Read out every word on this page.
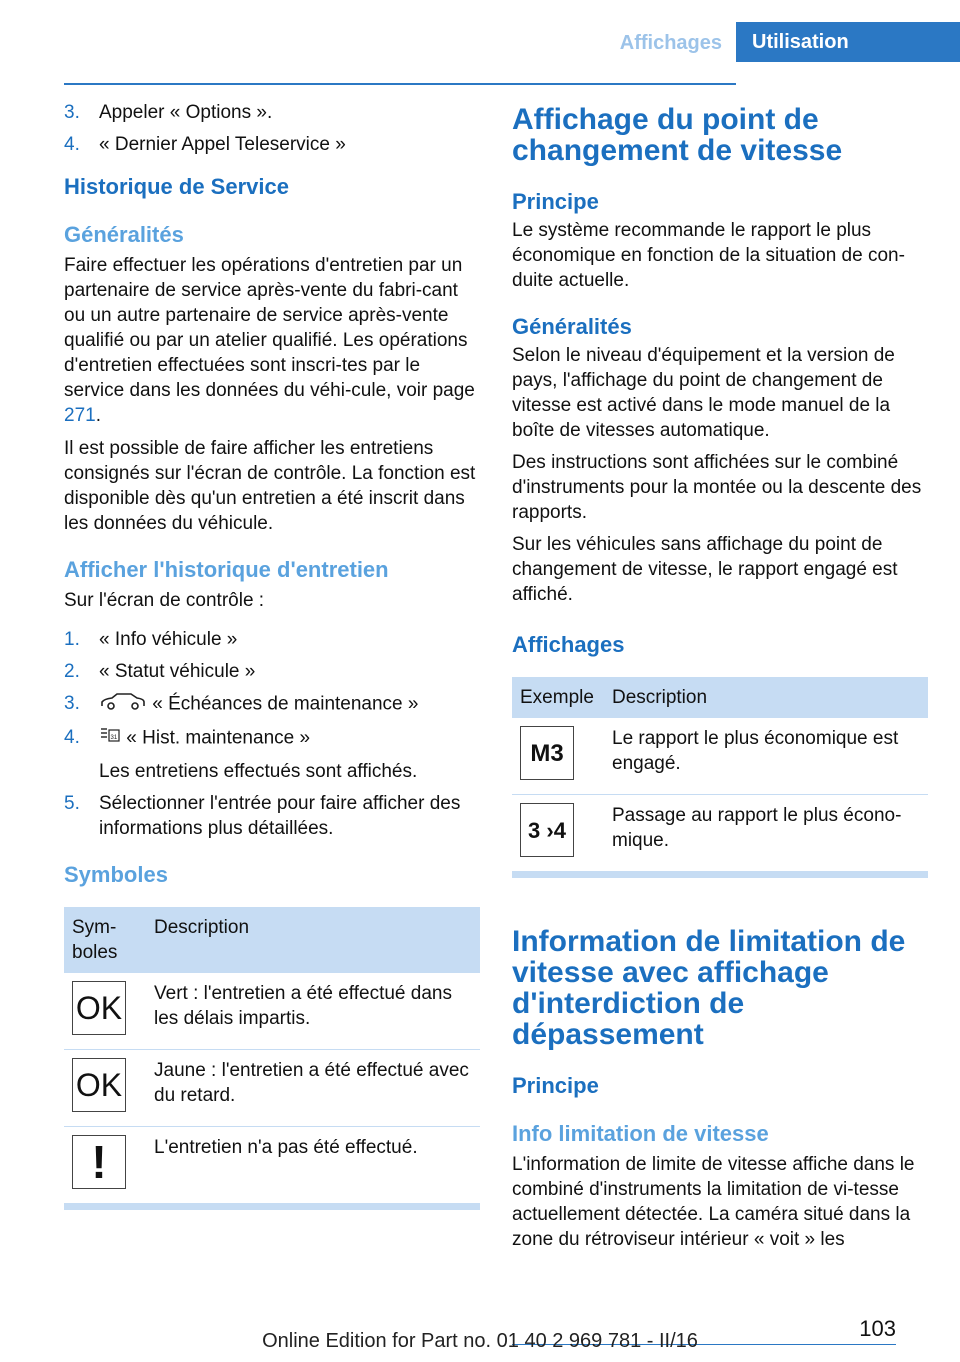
Affichages	Utilisation
3. Appeler « Options ».
4. « Dernier Appel Teleservice »
Historique de Service
Généralités

Faire effectuer les opérations d'entretien par un partenaire de service après-vente du fabri-cant ou un autre partenaire de service après-vente qualifié ou par un atelier qualifié. Les opérations d'entretien effectuées sont inscri-tes par le service dans les données du véhi-cule, voir page 271.

Il est possible de faire afficher les entretiens consignés sur l'écran de contrôle. La fonction est disponible dès qu'un entretien a été inscrit dans les données du véhicule.

Afficher l'historique d'entretien

Sur l'écran de contrôle :

1. « Info véhicule »
2. « Statut véhicule »
3.	« Échéances de maintenance »
4.	31 « Hist. maintenance »
Les entretiens effectués sont affichés.
5. Sélectionner l'entrée pour faire afficher des informations plus détaillées.
Symboles
Sym-boles	Description

OK	Vert : l'entretien a été effectué dans les délais impartis.

OK	Jaune : l'entretien a été effectué avec du retard.

!	L'entretien n'a pas été effectué.
Affichage du point de changement de vitesse
Principe

Le système recommande le rapport le plus économique en fonction de la situation de con-duite actuelle.

Généralités

Selon le niveau d'équipement et la version de pays, l'affichage du point de changement de vitesse est activé dans le mode manuel de la boîte de vitesses automatique.

Des instructions sont affichées sur le combiné d'instruments pour la montée ou la descente des rapports.

Sur les véhicules sans affichage du point de changement de vitesse, le rapport engagé est affiché.

Affichages
Exemple	Description

M3	Le rapport le plus économique est engagé.

3 ›4	Passage au rapport le plus écono-mique.
Information de limitation de vitesse avec affichage d'interdiction de dépassement
Principe
Info limitation de vitesse

L'information de limite de vitesse affiche dans le combiné d'instruments la limitation de vi-tesse actuellement détectée. La caméra situé dans la zone du rétroviseur intérieur « voit » les

103
Online Edition for Part no. 01 40 2 969 781 - II/16
